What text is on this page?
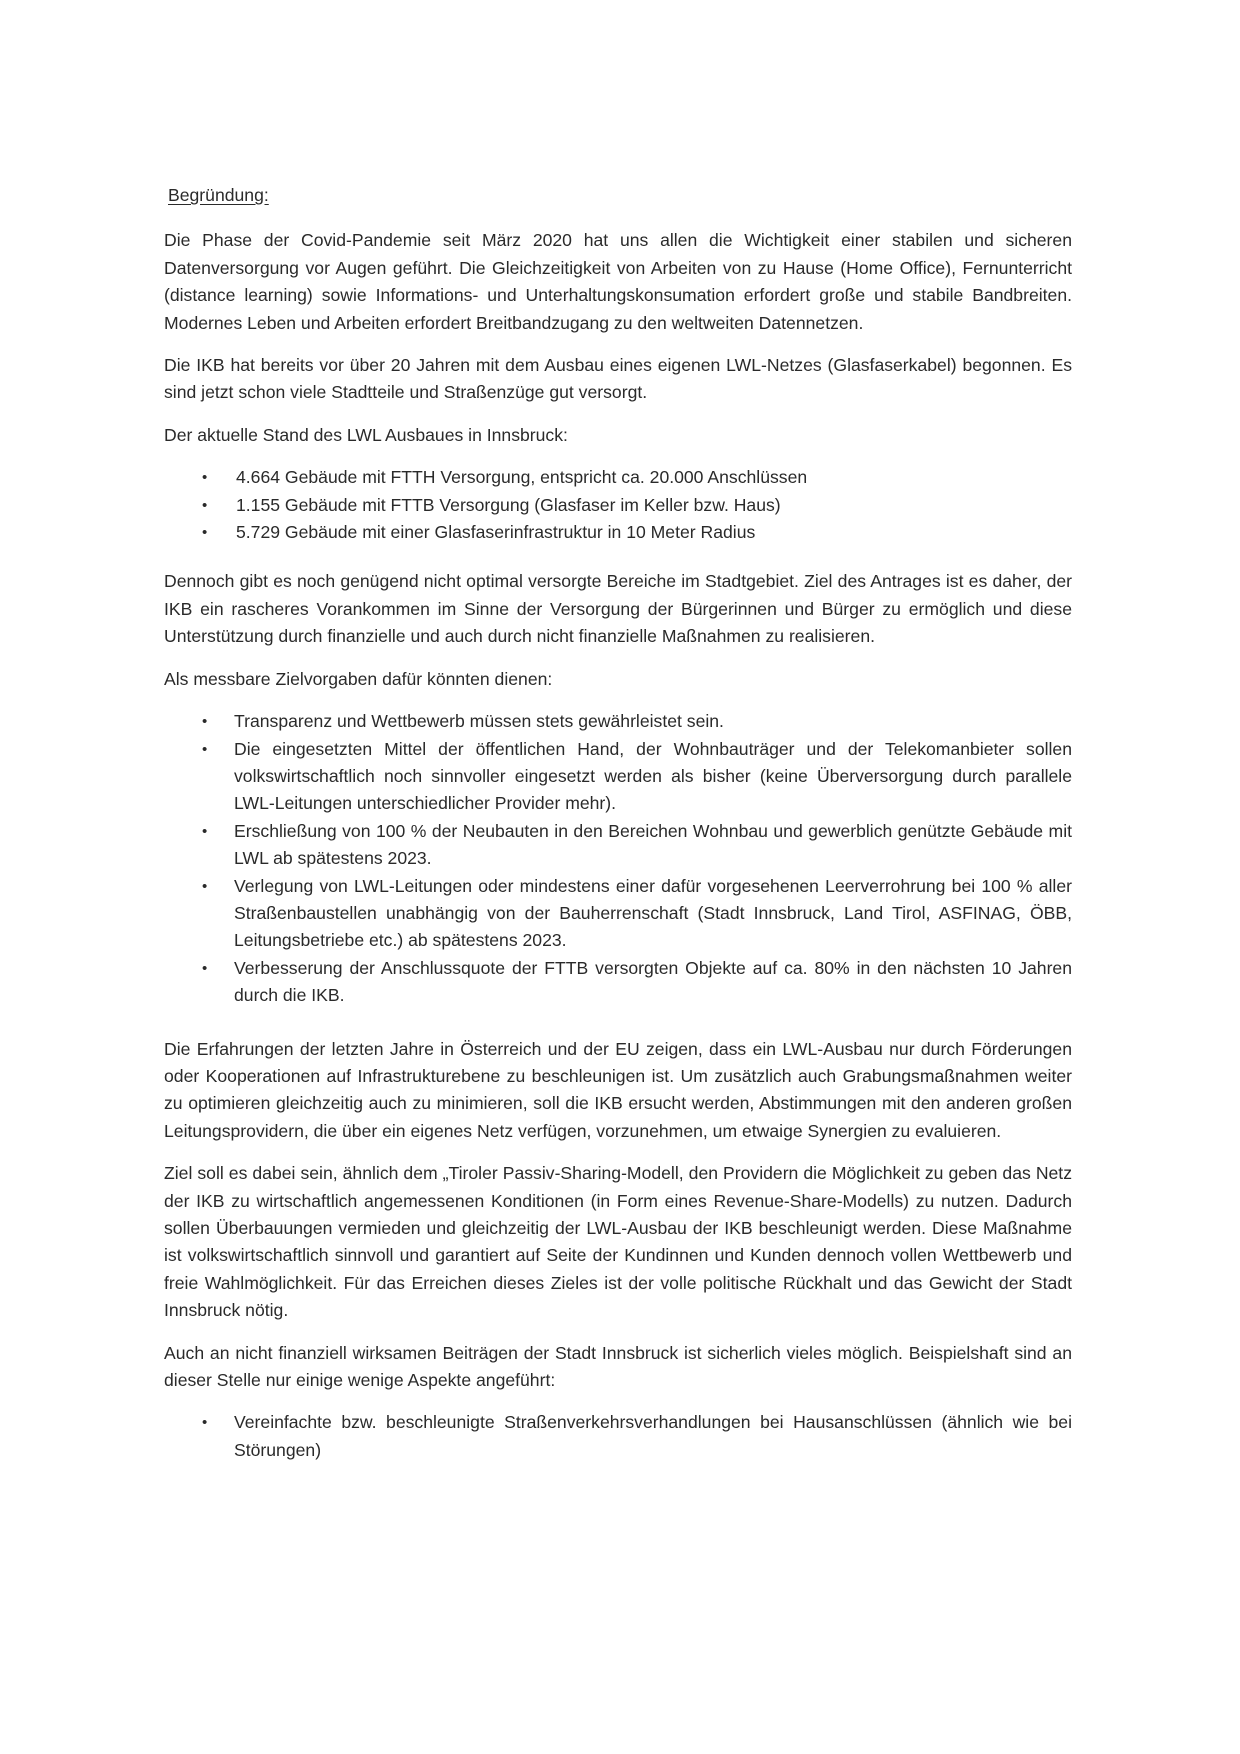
Begründung:

Die Phase der Covid-Pandemie seit März 2020 hat uns allen die Wichtigkeit einer stabilen und sicheren Datenversorgung vor Augen geführt. Die Gleichzeitigkeit von Arbeiten von zu Hause (Home Office), Fernunterricht (distance learning) sowie Informations- und Unterhaltungskonsumation erfordert große und stabile Bandbreiten. Modernes Leben und Arbeiten erfordert Breitbandzugang zu den weltweiten Datennetzen.

Die IKB hat bereits vor über 20 Jahren mit dem Ausbau eines eigenen LWL-Netzes (Glasfaserkabel) begonnen. Es sind jetzt schon viele Stadtteile und Straßenzüge gut versorgt.

Der aktuelle Stand des LWL Ausbaues in Innsbruck:

• 4.664 Gebäude mit FTTH Versorgung, entspricht ca. 20.000 Anschlüssen
• 1.155 Gebäude mit FTTB Versorgung (Glasfaser im Keller bzw. Haus)
• 5.729 Gebäude mit einer Glasfaserinfrastruktur in 10 Meter Radius

Dennoch gibt es noch genügend nicht optimal versorgte Bereiche im Stadtgebiet. Ziel des Antrages ist es daher, der IKB ein rascheres Vorankommen im Sinne der Versorgung der Bürgerinnen und Bürger zu ermöglich und diese Unterstützung durch finanzielle und auch durch nicht finanzielle Maßnahmen zu realisieren.

Als messbare Zielvorgaben dafür könnten dienen:

• Transparenz und Wettbewerb müssen stets gewährleistet sein.
• Die eingesetzten Mittel der öffentlichen Hand, der Wohnbauträger und der Telekomanbieter sollen volkswirtschaftlich noch sinnvoller eingesetzt werden als bisher (keine Überversorgung durch parallele LWL-Leitungen unterschiedlicher Provider mehr).
• Erschließung von 100 % der Neubauten in den Bereichen Wohnbau und gewerblich genützte Gebäude mit LWL ab spätestens 2023.
• Verlegung von LWL-Leitungen oder mindestens einer dafür vorgesehenen Leerverrohrung bei 100 % aller Straßenbaustellen unabhängig von der Bauherrenschaft (Stadt Innsbruck, Land Tirol, ASFINAG, ÖBB, Leitungsbetriebe etc.) ab spätestens 2023.
• Verbesserung der Anschlussquote der FTTB versorgten Objekte auf ca. 80% in den nächsten 10 Jahren durch die IKB.

Die Erfahrungen der letzten Jahre in Österreich und der EU zeigen, dass ein LWL-Ausbau nur durch Förderungen oder Kooperationen auf Infrastrukturebene zu beschleunigen ist. Um zusätzlich auch Grabungsmaßnahmen weiter zu optimieren gleichzeitig auch zu minimieren, soll die IKB ersucht werden, Abstimmungen mit den anderen großen Leitungsprovidern, die über ein eigenes Netz verfügen, vorzunehmen, um etwaige Synergien zu evaluieren.

Ziel soll es dabei sein, ähnlich dem „Tiroler Passiv-Sharing-Modell, den Providern die Möglichkeit zu geben das Netz der IKB zu wirtschaftlich angemessenen Konditionen (in Form eines Revenue-Share-Modells) zu nutzen. Dadurch sollen Überbauungen vermieden und gleichzeitig der LWL-Ausbau der IKB beschleunigt werden. Diese Maßnahme ist volkswirtschaftlich sinnvoll und garantiert auf Seite der Kundinnen und Kunden dennoch vollen Wettbewerb und freie Wahlmöglichkeit. Für das Erreichen dieses Zieles ist der volle politische Rückhalt und das Gewicht der Stadt Innsbruck nötig.

Auch an nicht finanziell wirksamen Beiträgen der Stadt Innsbruck ist sicherlich vieles möglich. Beispielshaft sind an dieser Stelle nur einige wenige Aspekte angeführt:

• Vereinfachte bzw. beschleunigte Straßenverkehrsverhandlungen bei Hausanschlüssen (ähnlich wie bei Störungen)
